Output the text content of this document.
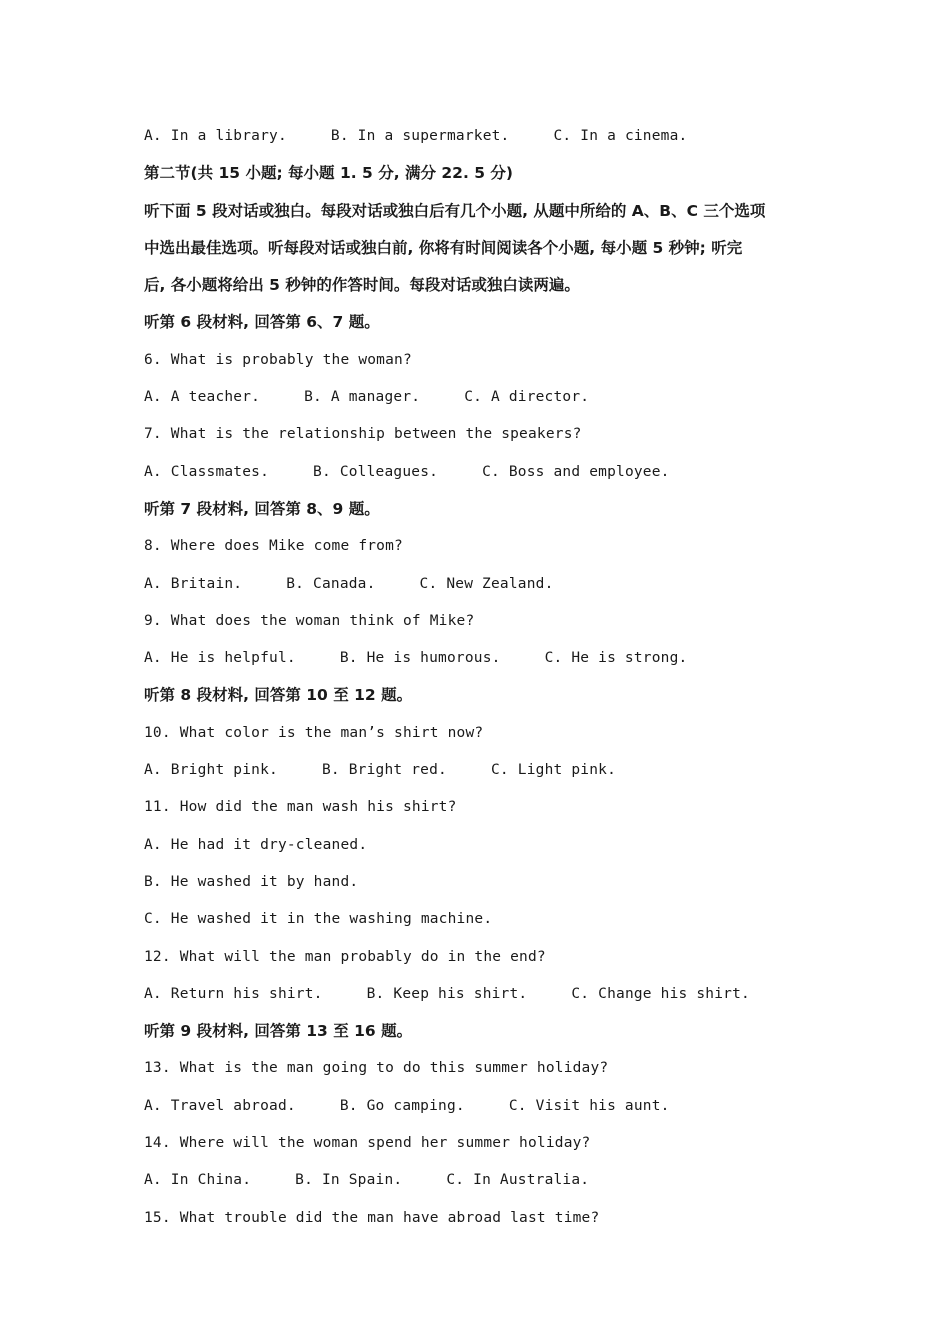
A. In a library.	B. In a supermarket.	C. In a cinema.
第二节(共 15 小题; 每小题 1. 5 分, 满分 22. 5 分)
听下面 5 段对话或独白。每段对话或独白后有几个小题, 从题中所给的 A、B、C 三个选项
中选出最佳选项。听每段对话或独白前, 你将有时间阅读各个小题, 每小题 5 秒钟; 听完
后, 各小题将给出 5 秒钟的作答时间。每段对话或独白读两遍。
听第 6 段材料, 回答第 6、7 题。
6. What is probably the woman?
A. A teacher.	B. A manager.	C. A director.
7. What is the relationship between the speakers?
A. Classmates.	B. Colleagues.	C. Boss and employee.
听第 7 段材料, 回答第 8、9 题。
8. Where does Mike come from?
A. Britain.	B. Canada.	C. New Zealand.
9. What does the woman think of Mike?
A. He is helpful.	B. He is humorous.	C. He is strong.
听第 8 段材料, 回答第 10 至 12 题。
10. What color is the man’s shirt now?
A. Bright pink.	B. Bright red.	C. Light pink.
11. How did the man wash his shirt?
A. He had it dry-cleaned.
B. He washed it by hand.
C. He washed it in the washing machine.
12. What will the man probably do in the end?
A. Return his shirt.	B. Keep his shirt.	C. Change his shirt.
听第 9 段材料, 回答第 13 至 16 题。
13. What is the man going to do this summer holiday?
A. Travel abroad.	B. Go camping.	C. Visit his aunt.
14. Where will the woman spend her summer holiday?
A. In China.	B. In Spain.	C. In Australia.
15. What trouble did the man have abroad last time?
